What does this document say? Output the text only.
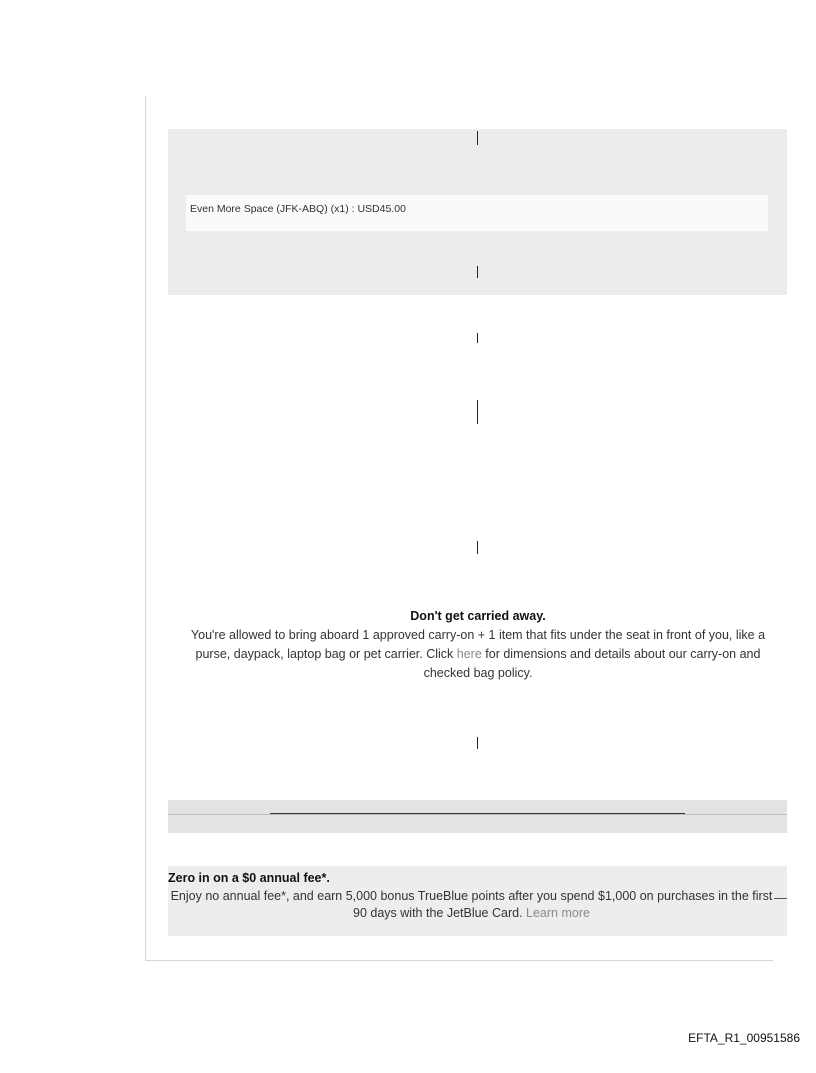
Even More Space (JFK-ABQ) (x1) : USD45.00
Don't get carried away.
You're allowed to bring aboard 1 approved carry-on + 1 item that fits under the seat in front of you, like a purse, daypack, laptop bag or pet carrier. Click here for dimensions and details about our carry-on and checked bag policy.
Zero in on a $0 annual fee*.
Enjoy no annual fee*, and earn 5,000 bonus TrueBlue points after you spend $1,000 on purchases in the first 90 days with the JetBlue Card. Learn more
EFTA_R1_00951586
